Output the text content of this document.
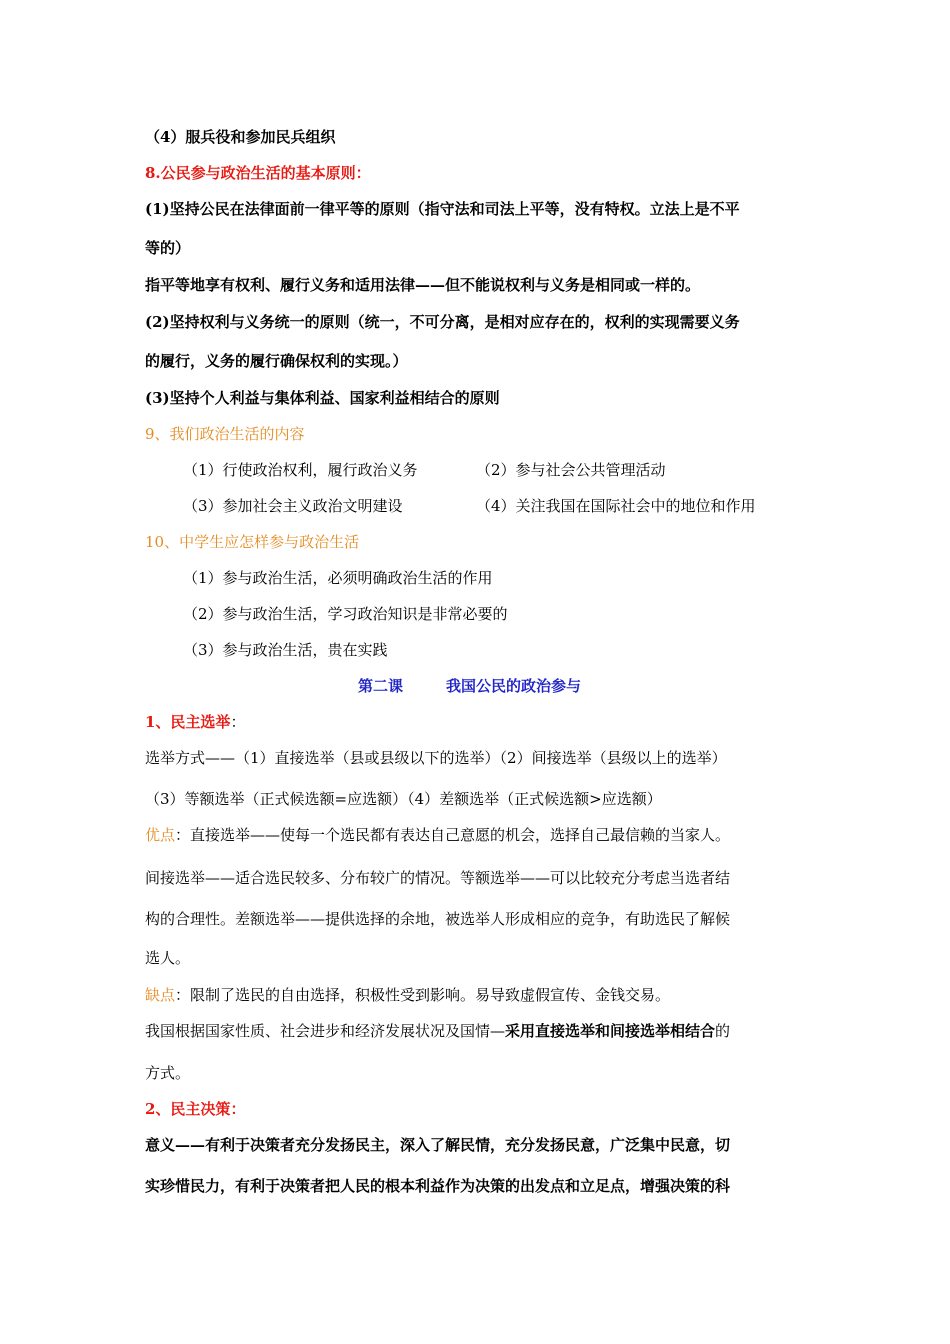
（4）服兵役和参加民兵组织
8.公民参与政治生活的基本原则：
(1)坚持公民在法律面前一律平等的原则（指守法和司法上平等，没有特权。立法上是不平
等的）
指平等地享有权利、履行义务和适用法律——但不能说权利与义务是相同或一样的。
(2)坚持权利与义务统一的原则（统一，不可分离，是相对应存在的，权利的实现需要义务
的履行，义务的履行确保权利的实现。）
(3)坚持个人利益与集体利益、国家利益相结合的原则
9、我们政治生活的内容
（1）行使政治权利，履行政治义务	（2）参与社会公共管理活动
（3）参加社会主义政治文明建设	（4）关注我国在国际社会中的地位和作用
10、中学生应怎样参与政治生活
（1）参与政治生活，必须明确政治生活的作用
（2）参与政治生活，学习政治知识是非常必要的
（3）参与政治生活，贵在实践
第二课	我国公民的政治参与
1、民主选举：
选举方式——（1）直接选举（县或县级以下的选举）（2）间接选举（县级以上的选举）
（3）等额选举（正式候选额=应选额）（4）差额选举（正式候选额>应选额）
优点：直接选举——使每一个选民都有表达自己意愿的机会，选择自己最信赖的当家人。
间接选举——适合选民较多、分布较广的情况。等额选举——可以比较充分考虑当选者结
构的合理性。差额选举——提供选择的余地，被选举人形成相应的竞争，有助选民了解候
选人。
缺点：限制了选民的自由选择，积极性受到影响。易导致虚假宣传、金钱交易。
我国根据国家性质、社会进步和经济发展状况及国情—采用直接选举和间接选举相结合的
方式。
2、民主决策：
意义——有利于决策者充分发扬民主，深入了解民情，充分发扬民意，广泛集中民意，切
实珍惜民力，有利于决策者把人民的根本利益作为决策的出发点和立足点，增强决策的科
